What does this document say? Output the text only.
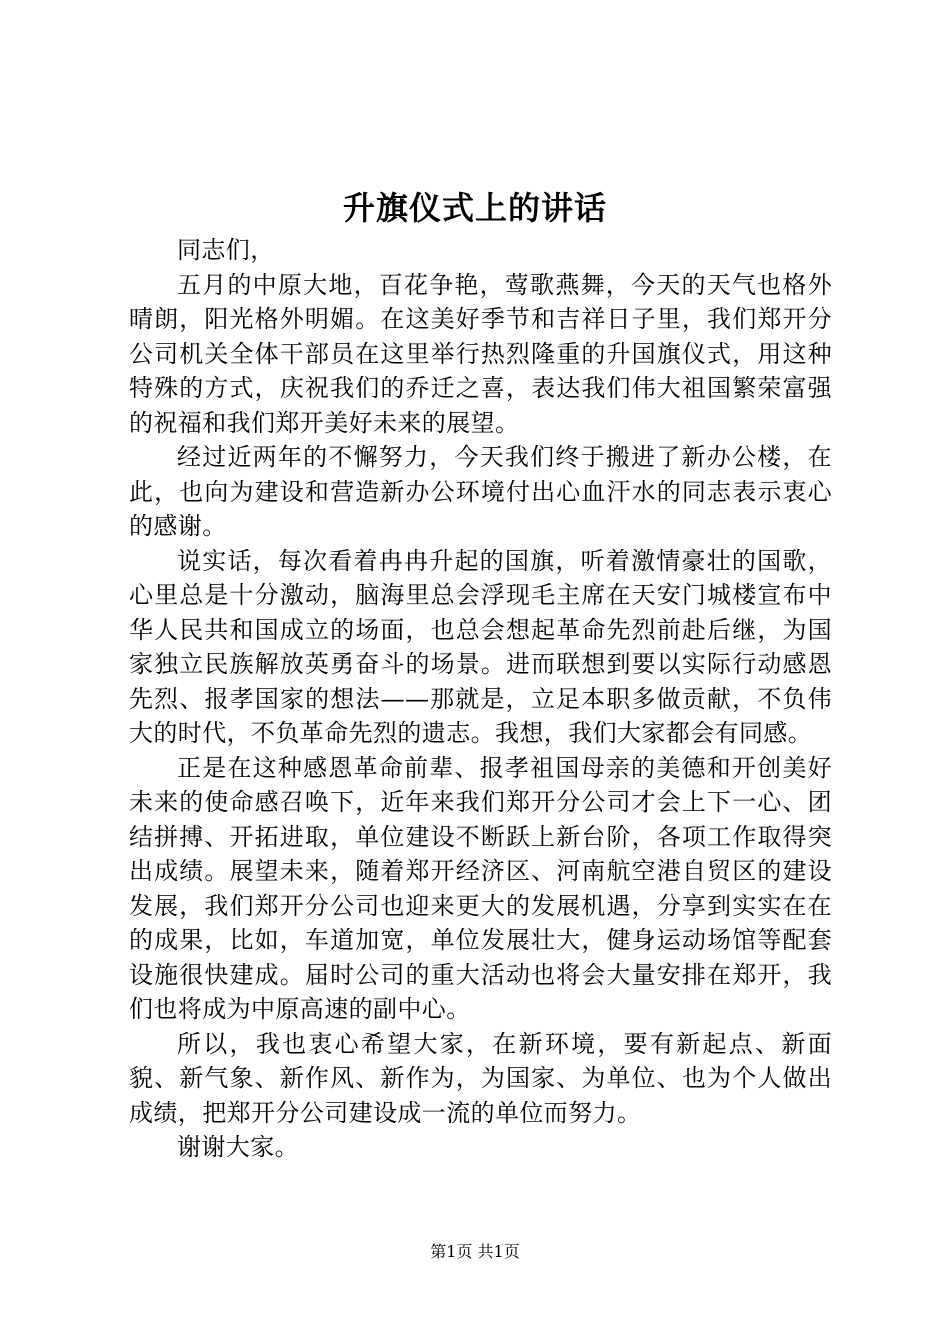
升旗仪式上的讲话

同志们，

五月的中原大地，百花争艳，莺歌燕舞，今天的天气也格外晴朗，阳光格外明媚。在这美好季节和吉祥日子里，我们郑开分公司机关全体干部员在这里举行热烈隆重的升国旗仪式，用这种特殊的方式，庆祝我们的乔迁之喜，表达我们伟大祖国繁荣富强的祝福和我们郑开美好未来的展望。

经过近两年的不懈努力，今天我们终于搬进了新办公楼，在此，也向为建设和营造新办公环境付出心血汗水的同志表示衷心的感谢。

说实话，每次看着冉冉升起的国旗，听着激情豪壮的国歌，心里总是十分激动，脑海里总会浮现毛主席在天安门城楼宣布中华人民共和国成立的场面，也总会想起革命先烈前赴后继，为国家独立民族解放英勇奋斗的场景。进而联想到要以实际行动感恩先烈、报孝国家的想法——那就是，立足本职多做贡献，不负伟大的时代，不负革命先烈的遗志。我想，我们大家都会有同感。

正是在这种感恩革命前辈、报孝祖国母亲的美德和开创美好未来的使命感召唤下，近年来我们郑开分公司才会上下一心、团结拼搏、开拓进取，单位建设不断跃上新台阶，各项工作取得突出成绩。展望未来，随着郑开经济区、河南航空港自贸区的建设发展，我们郑开分公司也迎来更大的发展机遇，分享到实实在在的成果，比如，车道加宽，单位发展壮大，健身运动场馆等配套设施很快建成。届时公司的重大活动也将会大量安排在郑开，我们也将成为中原高速的副中心。

所以，我也衷心希望大家，在新环境，要有新起点、新面貌、新气象、新作风、新作为，为国家、为单位、也为个人做出成绩，把郑开分公司建设成一流的单位而努力。

谢谢大家。

第1页 共1页
